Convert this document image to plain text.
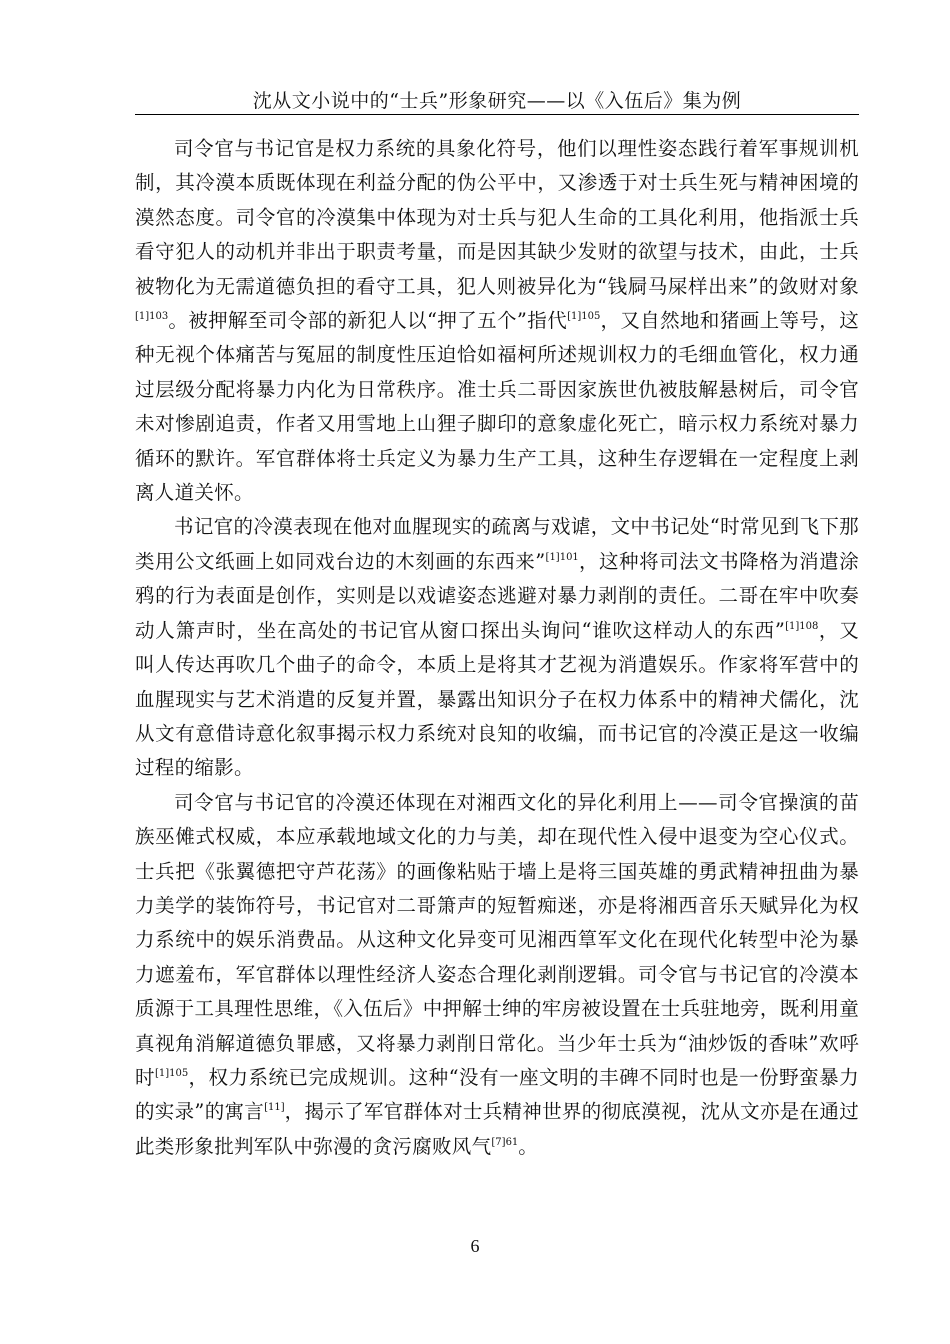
沈从文小说中的“士兵”形象研究——以《入伍后》集为例

司令官与书记官是权力系统的具象化符号，他们以理性姿态践行着军事规训机制，其冷漠本质既体现在利益分配的伪公平中，又渗透于对士兵生死与精神困境的漠然态度。司令官的冷漠集中体现为对士兵与犯人生命的工具化利用，他指派士兵看守犯人的动机并非出于职责考量，而是因其缺少发财的欲望与技术，由此，士兵被物化为无需道德负担的看守工具，犯人则被异化为“钱屙马屎样出来”的敛财对象$^{[1]103}$。被押解至司令部的新犯人以“押了五个”指代$^{[1]105}$，又自然地和猪画上等号，这种无视个体痛苦与冤屈的制度性压迫恰如福柯所述规训权力的毛细血管化，权力通过层级分配将暴力内化为日常秩序。准士兵二哥因家族世仇被肢解悬树后，司令官未对惨剧追责，作者又用雪地上山狸子脚印的意象虚化死亡，暗示权力系统对暴力循环的默许。军官群体将士兵定义为暴力生产工具，这种生存逻辑在一定程度上剥离人道关怀。

书记官的冷漠表现在他对血腥现实的疏离与戏谑，文中书记处“时常见到飞下那类用公文纸画上如同戏台边的木刻画的东西来”$^{[1]101}$，这种将司法文书降格为消遣涂鸦的行为表面是创作，实则是以戏谑姿态逃避对暴力剥削的责任。二哥在牢中吹奏动人箫声时，坐在高处的书记官从窗口探出头询问“谁吹这样动人的东西”$^{[1]108}$，又叫人传达再吹几个曲子的命令，本质上是将其才艺视为消遣娱乐。作家将军营中的血腥现实与艺术消遣的反复并置，暴露出知识分子在权力体系中的精神犬儒化，沈从文有意借诗意化叙事揭示权力系统对良知的收编，而书记官的冷漠正是这一收编过程的缩影。

司令官与书记官的冷漠还体现在对湘西文化的异化利用上——司令官操演的苗族巫傩式权威，本应承载地域文化的力与美，却在现代性入侵中退变为空心仪式。士兵把《张翼德把守芦花荡》的画像粘贴于墙上是将三国英雄的勇武精神扭曲为暴力美学的装饰符号，书记官对二哥箫声的短暂痴迷，亦是将湘西音乐天赋异化为权力系统中的娱乐消费品。从这种文化异变可见湘西筸军文化在现代化转型中沦为暴力遮羞布，军官群体以理性经济人姿态合理化剥削逻辑。司令官与书记官的冷漠本质源于工具理性思维，《入伍后》中押解士绅的牢房被设置在士兵驻地旁，既利用童真视角消解道德负罪感，又将暴力剥削日常化。当少年士兵为“油炒饭的香味”欢呼时$^{[1]105}$，权力系统已完成规训。这种“没有一座文明的丰碑不同时也是一份野蛮暴力的实录”的寓言[11]，揭示了军官群体对士兵精神世界的彻底漠视，沈从文亦是在通过此类形象批判军队中弥漫的贪污腐败风气$^{[7]61}$。

6
